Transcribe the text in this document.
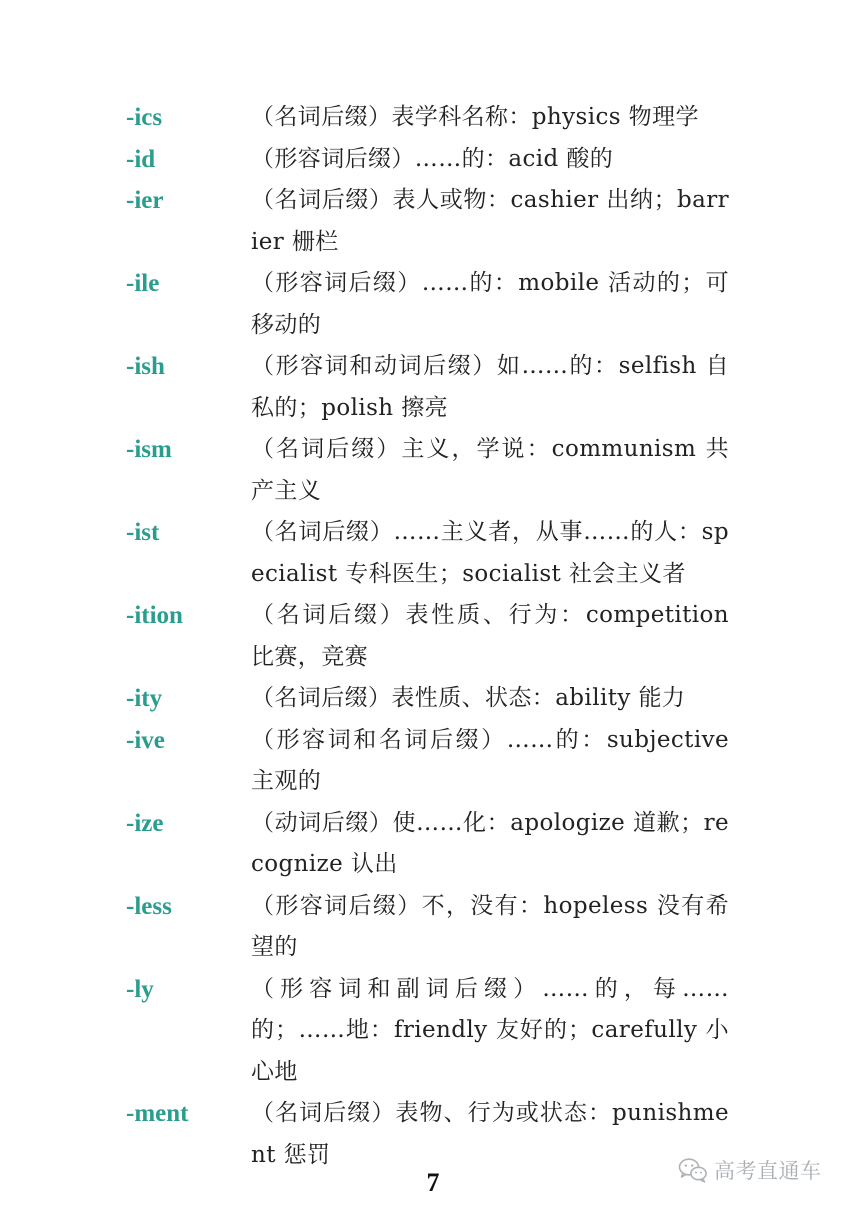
-ics	（名词后缀）表学科名称：physics 物理学
-id	（形容词后缀）……的：acid 酸的
-ier	（名词后缀）表人或物：cashier 出纳；barrier 栅栏
-ile	（形容词后缀）……的：mobile 活动的；可移动的
-ish	（形容词和动词后缀）如……的：selfish 自私的；polish 擦亮
-ism	（名词后缀）主义，学说：communism 共产主义
-ist	（名词后缀）……主义者，从事……的人：specialist 专科医生；socialist 社会主义者
-ition	（名词后缀）表性质、行为：competition 比赛，竞赛
-ity	（名词后缀）表性质、状态：ability 能力
-ive	（形容词和名词后缀）……的：subjective 主观的
-ize	（动词后缀）使……化：apologize 道歉；recognize 认出
-less	（形容词后缀）不，没有：hopeless 没有希望的
-ly	（形容词和副词后缀）……的，每……的；……地：friendly 友好的；carefully 小心地
-ment	（名词后缀）表物、行为或状态：punishment 惩罚
7	高考直通车
